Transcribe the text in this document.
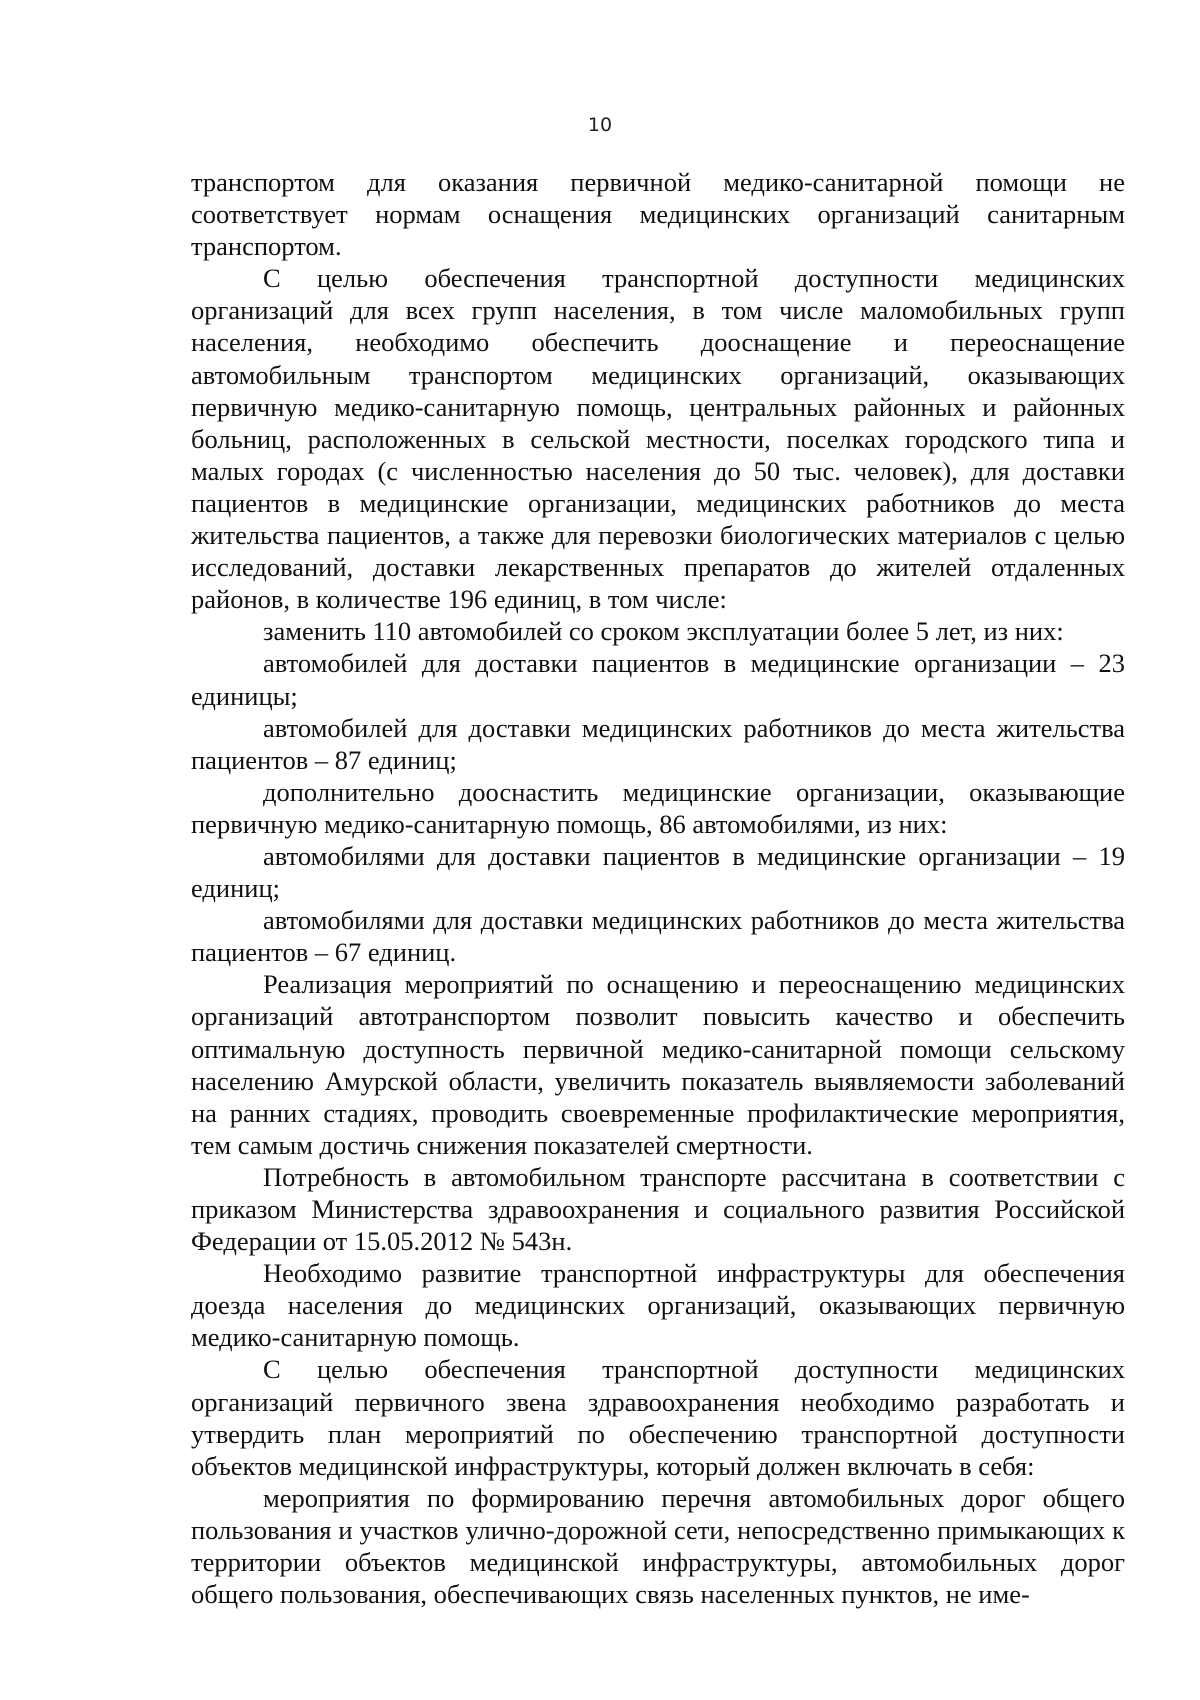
10

транспортом для оказания первичной медико-санитарной помощи не соответствует нормам оснащения медицинских организаций санитарным транспортом.

С целью обеспечения транспортной доступности медицинских организаций для всех групп населения, в том числе маломобильных групп населения, необходимо обеспечить дооснащение и переоснащение автомобильным транспортом медицинских организаций, оказывающих первичную медико-санитарную помощь, центральных районных и районных больниц, расположенных в сельской местности, поселках городского типа и малых городах (с численностью населения до 50 тыс. человек), для доставки пациентов в медицинские организации, медицинских работников до места жительства пациентов, а также для перевозки биологических материалов с целью исследований, доставки лекарственных препаратов до жителей отдаленных районов, в количестве 196 единиц, в том числе:

заменить 110 автомобилей со сроком эксплуатации более 5 лет, из них:

автомобилей для доставки пациентов в медицинские организации – 23 единицы;

автомобилей для доставки медицинских работников до места жительства пациентов – 87 единиц;

дополнительно дооснастить медицинские организации, оказывающие первичную медико-санитарную помощь, 86 автомобилями, из них:

автомобилями для доставки пациентов в медицинские организации – 19 единиц;

автомобилями для доставки медицинских работников до места жительства пациентов – 67 единиц.

Реализация мероприятий по оснащению и переоснащению медицинских организаций автотранспортом позволит повысить качество и обеспечить оптимальную доступность первичной медико-санитарной помощи сельскому населению Амурской области, увеличить показатель выявляемости заболеваний на ранних стадиях, проводить своевременные профилактические мероприятия, тем самым достичь снижения показателей смертности.

Потребность в автомобильном транспорте рассчитана в соответствии с приказом Министерства здравоохранения и социального развития Российской Федерации от 15.05.2012 № 543н.

Необходимо развитие транспортной инфраструктуры для обеспечения доезда населения до медицинских организаций, оказывающих первичную медико-санитарную помощь.

С целью обеспечения транспортной доступности медицинских организаций первичного звена здравоохранения необходимо разработать и утвердить план мероприятий по обеспечению транспортной доступности объектов медицинской инфраструктуры, который должен включать в себя:

мероприятия по формированию перечня автомобильных дорог общего пользования и участков улично-дорожной сети, непосредственно примыкающих к территории объектов медицинской инфраструктуры, автомобильных дорог общего пользования, обеспечивающих связь населенных пунктов, не име-
